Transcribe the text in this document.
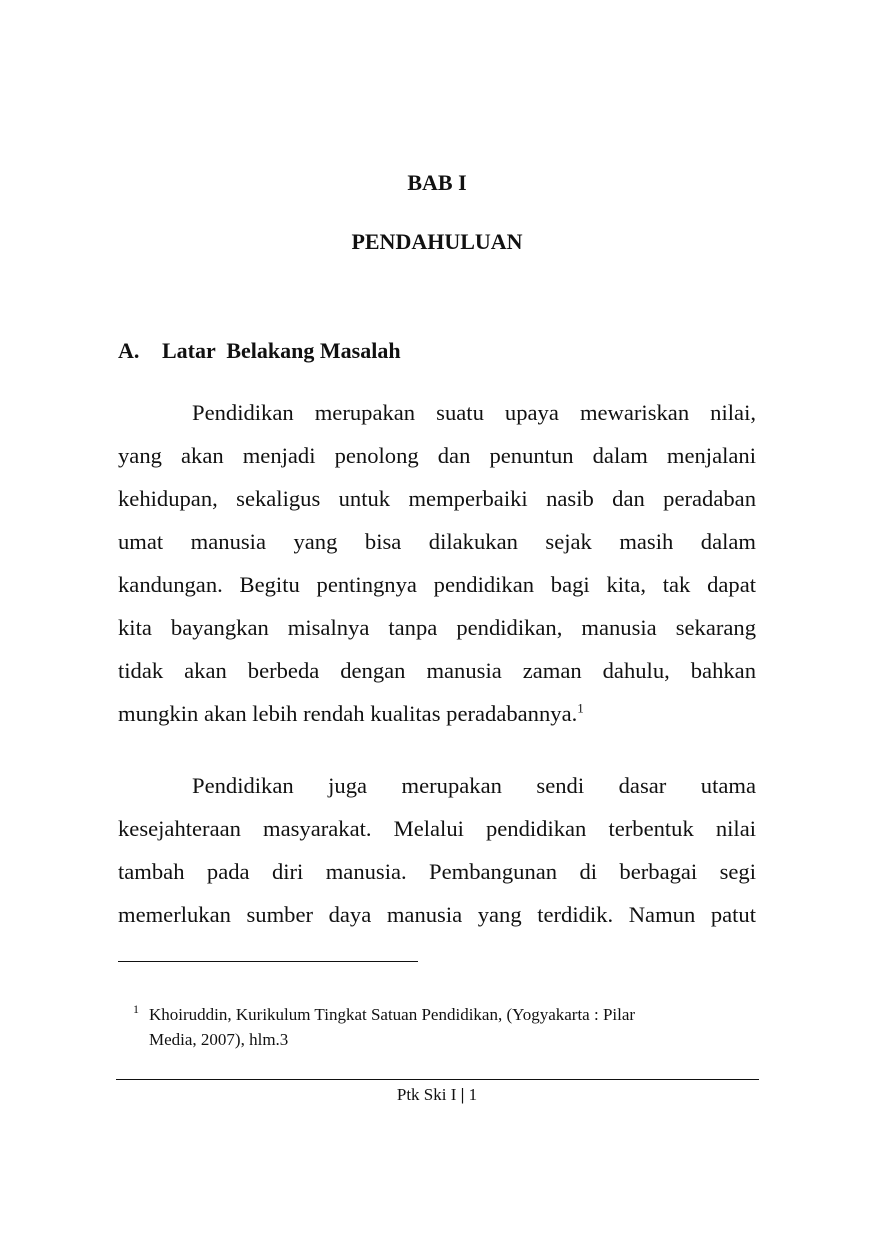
BAB I
PENDAHULUAN
A. Latar  Belakang Masalah
Pendidikan merupakan suatu upaya mewariskan nilai,
yang akan menjadi penolong dan penuntun dalam menjalani
kehidupan, sekaligus untuk memperbaiki nasib dan peradaban
umat manusia yang bisa dilakukan sejak masih dalam
kandungan. Begitu pentingnya pendidikan bagi kita, tak dapat
kita bayangkan misalnya tanpa pendidikan, manusia sekarang
tidak akan berbeda dengan manusia zaman dahulu, bahkan
mungkin akan lebih rendah kualitas peradabannya.$^1$
Pendidikan juga merupakan sendi dasar utama
kesejahteraan masyarakat. Melalui pendidikan terbentuk nilai
tambah pada diri manusia. Pembangunan di berbagai segi
memerlukan sumber daya manusia yang terdidik. Namun patut
1 Khoiruddin, Kurikulum Tingkat Satuan Pendidikan, (Yogyakarta : Pilar
Media, 2007), hlm.3
Ptk Ski I | 1
